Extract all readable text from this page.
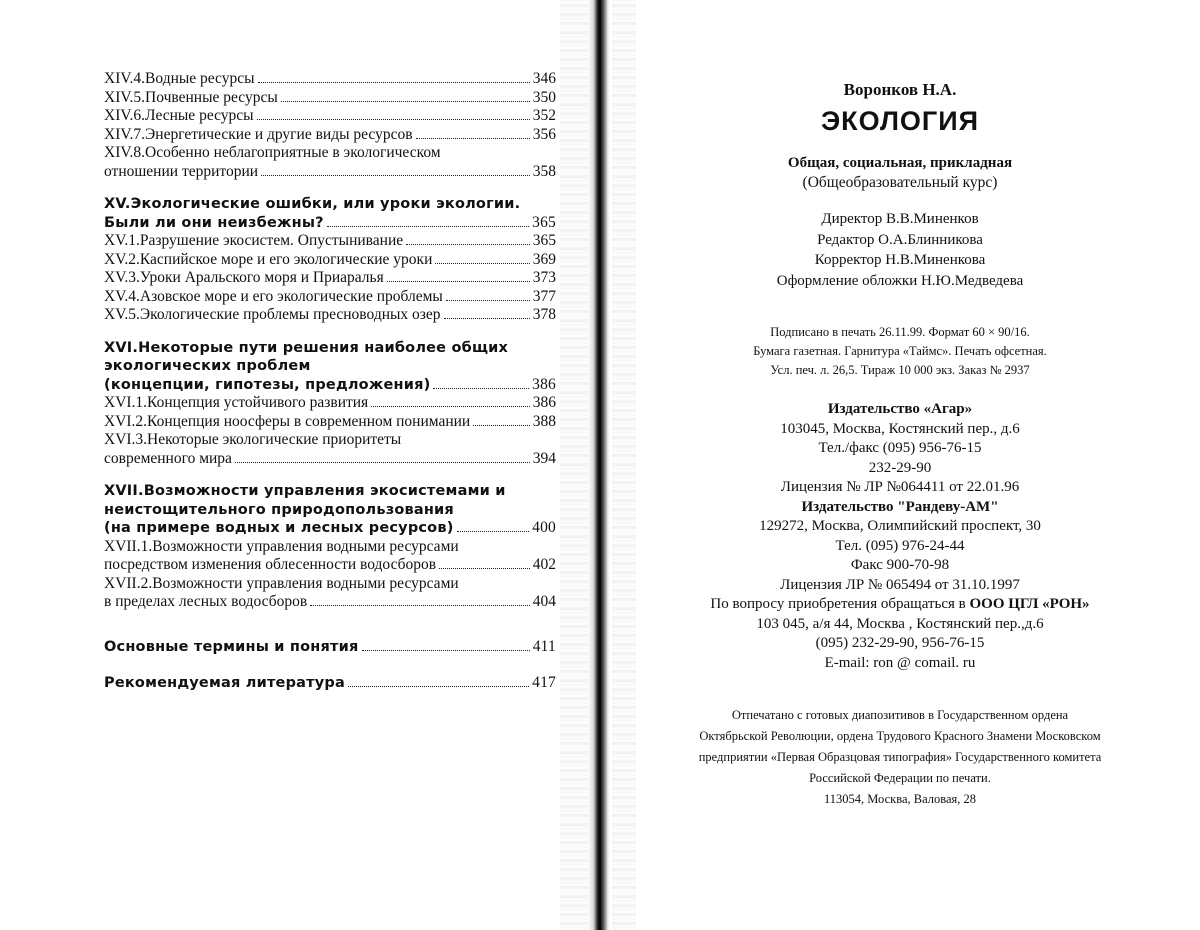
XIV.4.Водные ресурсы	346
XIV.5.Почвенные ресурсы	350
XIV.6.Лесные ресурсы	352
XIV.7.Энергетические и другие виды ресурсов	356
XIV.8.Особенно неблагоприятные в экологическом
отношении территории	358
XV.Экологические ошибки, или уроки экологии.
Были ли они неизбежны?	365
XV.1.Разрушение экосистем. Опустынивание	365
XV.2.Каспийское море и его экологические уроки	369
XV.3.Уроки Аральского моря и Приаралья	373
XV.4.Азовское море и его экологические проблемы	377
XV.5.Экологические проблемы пресноводных озер	378
XVI.Некоторые пути решения наиболее общих
экологических проблем
(концепции, гипотезы, предложения)	386
XVI.1.Концепция устойчивого развития	386
XVI.2.Концепция ноосферы в современном понимании	388
XVI.3.Некоторые экологические приоритеты
современного мира	394
XVII.Возможности управления экосистемами и
неистощительного природопользования
(на примере водных и лесных ресурсов)	400
XVII.1.Возможности управления водными ресурсами
посредством изменения облесенности водосборов	402
XVII.2.Возможности управления водными ресурсами
в пределах лесных водосборов	404
Основные термины и понятия	411
Рекомендуемая литература	417
Воронков Н.А.
ЭКОЛОГИЯ
Общая, социальная, прикладная
(Общеобразовательный курс)
Директор В.В.Миненков
Редактор О.А.Блинникова
Корректор Н.В.Миненкова
Оформление обложки Н.Ю.Медведева
Подписано в печать 26.11.99. Формат 60 × 90/16.
Бумага газетная. Гарнитура «Таймс». Печать офсетная.
Усл. печ. л. 26,5. Тираж 10 000 экз. Заказ № 2937
Издательство «Агар»
103045, Москва, Костянский пер., д.6
Тел./факс (095) 956-76-15
232-29-90
Лицензия № ЛР №064411 от 22.01.96
Издательство "Рандеву-АМ"
129272, Москва, Олимпийский проспект, 30
Тел. (095) 976-24-44
Факс 900-70-98
Лицензия ЛР № 065494 от 31.10.1997
По вопросу приобретения обращаться в ООО ЦГЛ «РОН»
103 045, а/я 44, Москва , Костянский пер.,д.6
(095) 232-29-90, 956-76-15
E-mail: ron @ comail. ru
Отпечатано с готовых диапозитивов в Государственном ордена
Октябрьской Революции, ордена Трудового Красного Знамени Московском
предприятии «Первая Образцовая типография» Государственного комитета
Российской Федерации по печати.
113054, Москва, Валовая, 28
